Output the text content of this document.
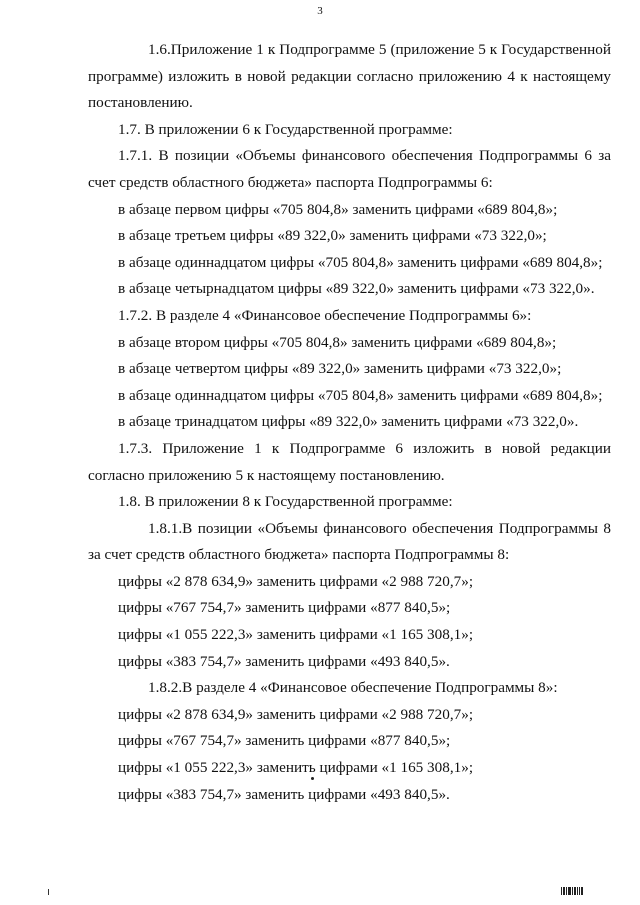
3

1.6.Приложение 1 к Подпрограмме 5 (приложение 5 к Государственной программе) изложить в новой редакции согласно приложению 4 к настоящему постановлению.

1.7. В приложении 6 к Государственной программе:

1.7.1. В позиции «Объемы финансового обеспечения Подпрограммы 6 за счет средств областного бюджета» паспорта Подпрограммы 6:

в абзаце первом цифры «705 804,8» заменить цифрами «689 804,8»;

в абзаце третьем цифры «89 322,0» заменить цифрами «73 322,0»;

в абзаце одиннадцатом цифры «705 804,8» заменить цифрами «689 804,8»;

в абзаце четырнадцатом цифры «89 322,0» заменить цифрами «73 322,0».

1.7.2. В разделе 4 «Финансовое обеспечение Подпрограммы 6»:

в абзаце втором цифры «705 804,8» заменить цифрами «689 804,8»;

в абзаце четвертом цифры «89 322,0» заменить цифрами «73 322,0»;

в абзаце одиннадцатом цифры «705 804,8» заменить цифрами «689 804,8»;

в абзаце тринадцатом цифры «89 322,0» заменить цифрами «73 322,0».

1.7.3. Приложение 1 к Подпрограмме 6 изложить в новой редакции согласно приложению 5 к настоящему постановлению.

1.8. В приложении 8 к Государственной программе:

1.8.1.В позиции «Объемы финансового обеспечения Подпрограммы 8 за счет средств областного бюджета» паспорта Подпрограммы 8:

цифры «2 878 634,9» заменить цифрами «2 988 720,7»;

цифры «767 754,7» заменить цифрами «877 840,5»;

цифры «1 055 222,3» заменить цифрами «1 165 308,1»;

цифры «383 754,7» заменить цифрами «493 840,5».

1.8.2.В разделе 4 «Финансовое обеспечение Подпрограммы 8»:

цифры «2 878 634,9» заменить цифрами «2 988 720,7»;

цифры «767 754,7» заменить цифрами «877 840,5»;

цифры «1 055 222,3» заменить цифрами «1 165 308,1»;

цифры «383 754,7» заменить цифрами «493 840,5».
